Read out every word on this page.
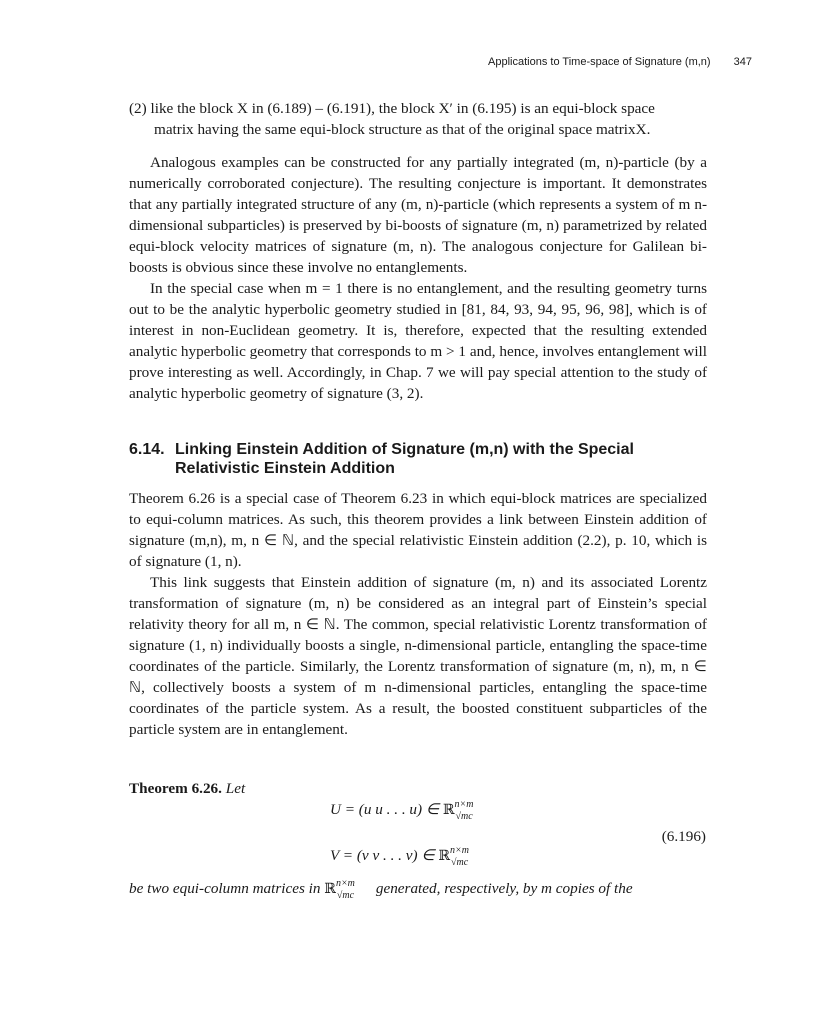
Applications to Time-space of Signature (m,n) 347

(2) like the block X in (6.189) – (6.191), the block X′ in (6.195) is an equi-block space

matrix having the same equi-block structure as that of the original space matrixX.

Analogous examples can be constructed for any partially integrated (m, n)-particle (by a numerically corroborated conjecture). The resulting conjecture is important. It demonstrates that any partially integrated structure of any (m, n)-particle (which represents a system of m n-dimensional subparticles) is preserved by bi-boosts of signature (m, n) parametrized by related equi-block velocity matrices of signature (m, n). The analogous conjecture for Galilean bi-boosts is obvious since these involve no entanglements.

In the special case when m = 1 there is no entanglement, and the resulting geometry turns out to be the analytic hyperbolic geometry studied in [81, 84, 93, 94, 95, 96, 98], which is of interest in non-Euclidean geometry. It is, therefore, expected that the resulting extended analytic hyperbolic geometry that corresponds to m > 1 and, hence, involves entanglement will prove interesting as well. Accordingly, in Chap. 7 we will pay special attention to the study of analytic hyperbolic geometry of signature (3, 2).

6.14. Linking Einstein Addition of Signature (m,n) with the Special
Relativistic Einstein Addition

Theorem 6.26 is a special case of Theorem 6.23 in which equi-block matrices are specialized to equi-column matrices. As such, this theorem provides a link between Einstein addition of signature (m,n), m, n ∈ ℕ, and the special relativistic Einstein addition (2.2), p. 10, which is of signature (1, n).

This link suggests that Einstein addition of signature (m, n) and its associated Lorentz transformation of signature (m, n) be considered as an integral part of Einstein’s special relativity theory for all m, n ∈ ℕ. The common, special relativistic Lorentz transformation of signature (1, n) individually boosts a single, n-dimensional particle, entangling the space-time coordinates of the particle. Similarly, the Lorentz transformation of signature (m, n), m, n ∈ ℕ, collectively boosts a system of m n-dimensional particles, entangling the space-time coordinates of the particle system. As a result, the boosted constituent subparticles of the particle system are in entanglement.

Theorem 6.26. Let
U = (u u . . . u) ∈ ℝ$^{n\times m}_{√mc}$
V = (v v . . . v) ∈ ℝ$^{n\times m}_{√mc}$
(6.196)
be two equi-column matrices in ℝ$^{n\times m}_{√mc}$ generated, respectively, by m copies of the
